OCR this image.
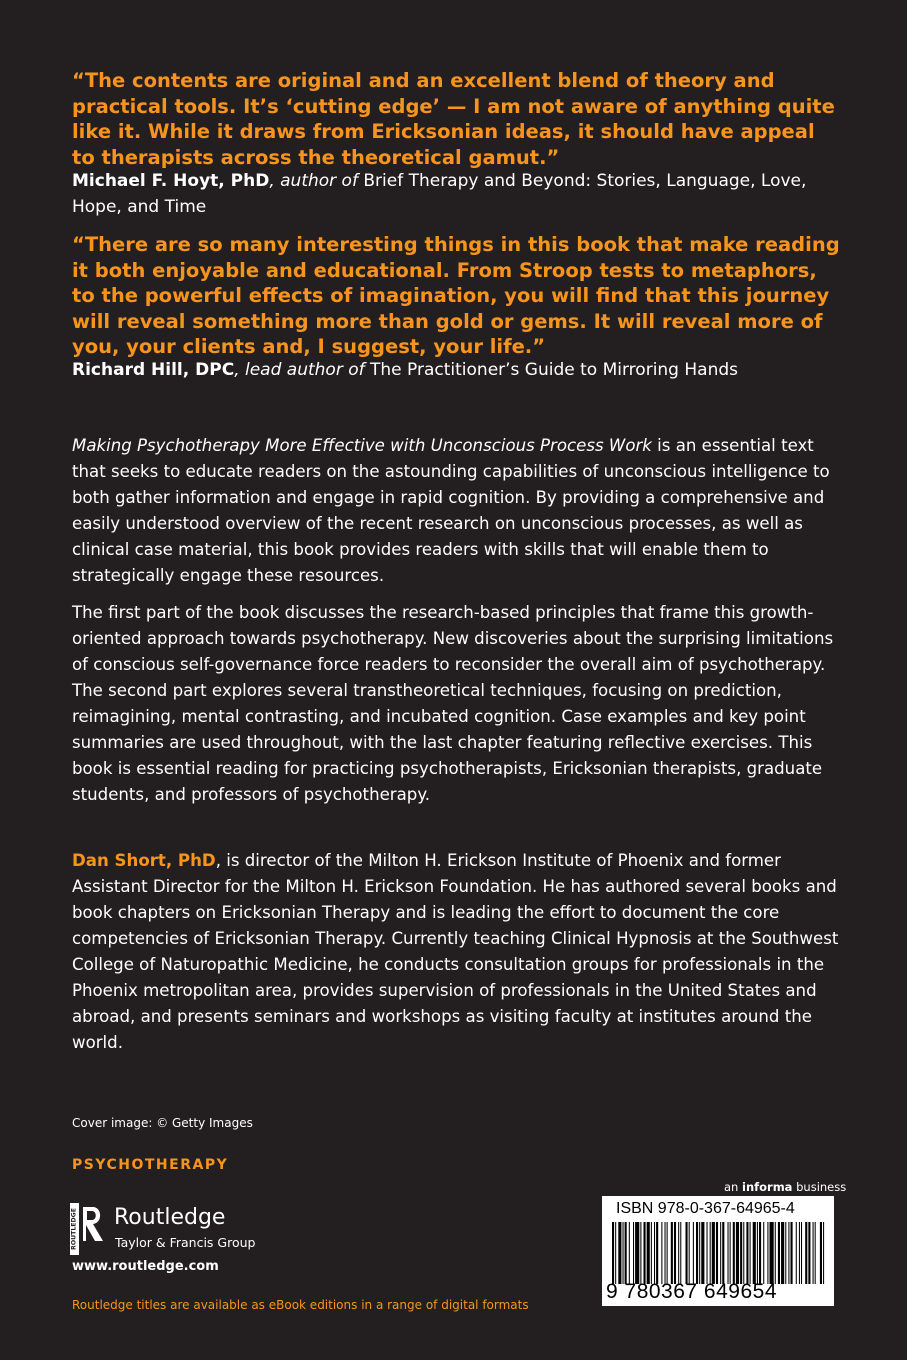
“The contents are original and an excellent blend of theory and practical tools. It’s ‘cutting edge’ — I am not aware of anything quite like it. While it draws from Ericksonian ideas, it should have appeal to therapists across the theoretical gamut.”

Michael F. Hoyt, PhD, author of Brief Therapy and Beyond: Stories, Language, Love, Hope, and Time

“There are so many interesting things in this book that make reading it both enjoyable and educational. From Stroop tests to metaphors, to the powerful effects of imagination, you will find that this journey will reveal something more than gold or gems. It will reveal more of you, your clients and, I suggest, your life.”

Richard Hill, DPC, lead author of The Practitioner’s Guide to Mirroring Hands

Making Psychotherapy More Effective with Unconscious Process Work is an essential text that seeks to educate readers on the astounding capabilities of unconscious intelligence to both gather information and engage in rapid cognition. By providing a comprehensive and easily understood overview of the recent research on unconscious processes, as well as clinical case material, this book provides readers with skills that will enable them to strategically engage these resources.

The first part of the book discusses the research-based principles that frame this growth-oriented approach towards psychotherapy. New discoveries about the surprising limitations of conscious self-governance force readers to reconsider the overall aim of psychotherapy. The second part explores several transtheoretical techniques, focusing on prediction, reimagining, mental contrasting, and incubated cognition. Case examples and key point summaries are used throughout, with the last chapter featuring reflective exercises. This book is essential reading for practicing psychotherapists, Ericksonian therapists, graduate students, and professors of psychotherapy.

Dan Short, PhD, is director of the Milton H. Erickson Institute of Phoenix and former Assistant Director for the Milton H. Erickson Foundation. He has authored several books and book chapters on Ericksonian Therapy and is leading the effort to document the core competencies of Ericksonian Therapy. Currently teaching Clinical Hypnosis at the Southwest College of Naturopathic Medicine, he conducts consultation groups for professionals in the Phoenix metropolitan area, provides supervision of professionals in the United States and abroad, and presents seminars and workshops as visiting faculty at institutes around the world.

Cover image: © Getty Images

PSYCHOTHERAPY

ROUTLEDGE Routledge

Taylor & Francis Group

www.routledge.com

Routledge titles are available as eBook editions in a range of digital formats

an informa business

ISBN 978-0-367-64965-4

9 780367 649654
